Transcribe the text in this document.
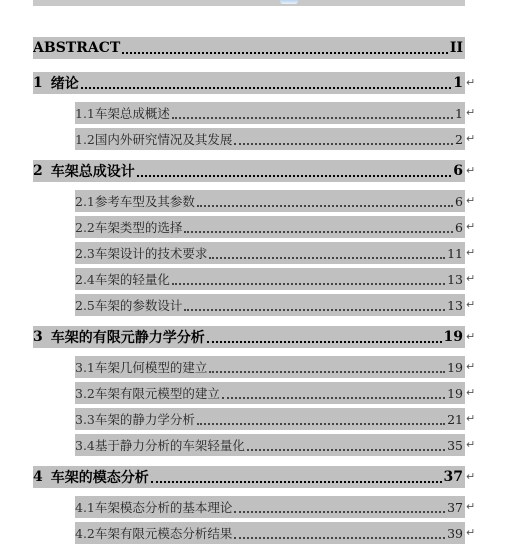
ABSTRACT	II
1 绪论	1 ↵
1.1 车架总成概述	1 ↵
1.2 国内外研究情况及其发展	2 ↵
2 车架总成设计	6 ↵
2.1 参考车型及其参数	6 ↵
2.2 车架类型的选择	6 ↵
2.3 车架设计的技术要求	11 ↵
2.4 车架的轻量化	13 ↵
2.5 车架的参数设计	13 ↵
3 车架的有限元静力学分析	19 ↵
3.1 车架几何模型的建立	19 ↵
3.2 车架有限元模型的建立	19 ↵
3.3 车架的静力学分析	21 ↵
3.4 基于静力分析的车架轻量化	35 ↵
4 车架的模态分析	37 ↵
4.1 车架模态分析的基本理论	37 ↵
4.2 车架有限元模态分析结果	39 ↵
